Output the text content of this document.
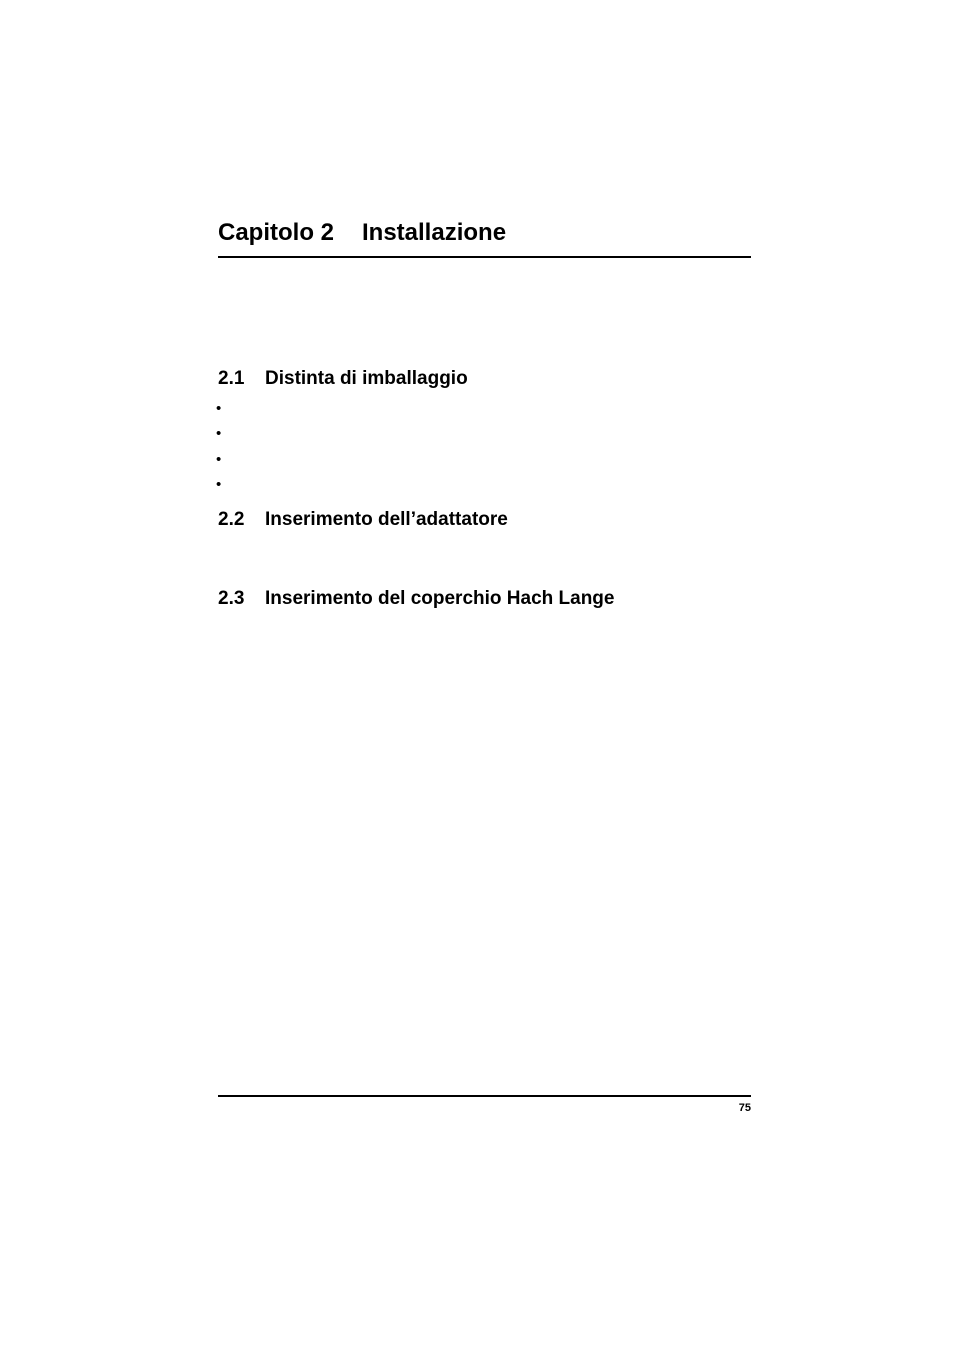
Capitolo 2 Installazione
2.1 Distinta di imballaggio
•
•
•
•
2.2 Inserimento dell’adattatore
2.3 Inserimento del coperchio Hach Lange
75
